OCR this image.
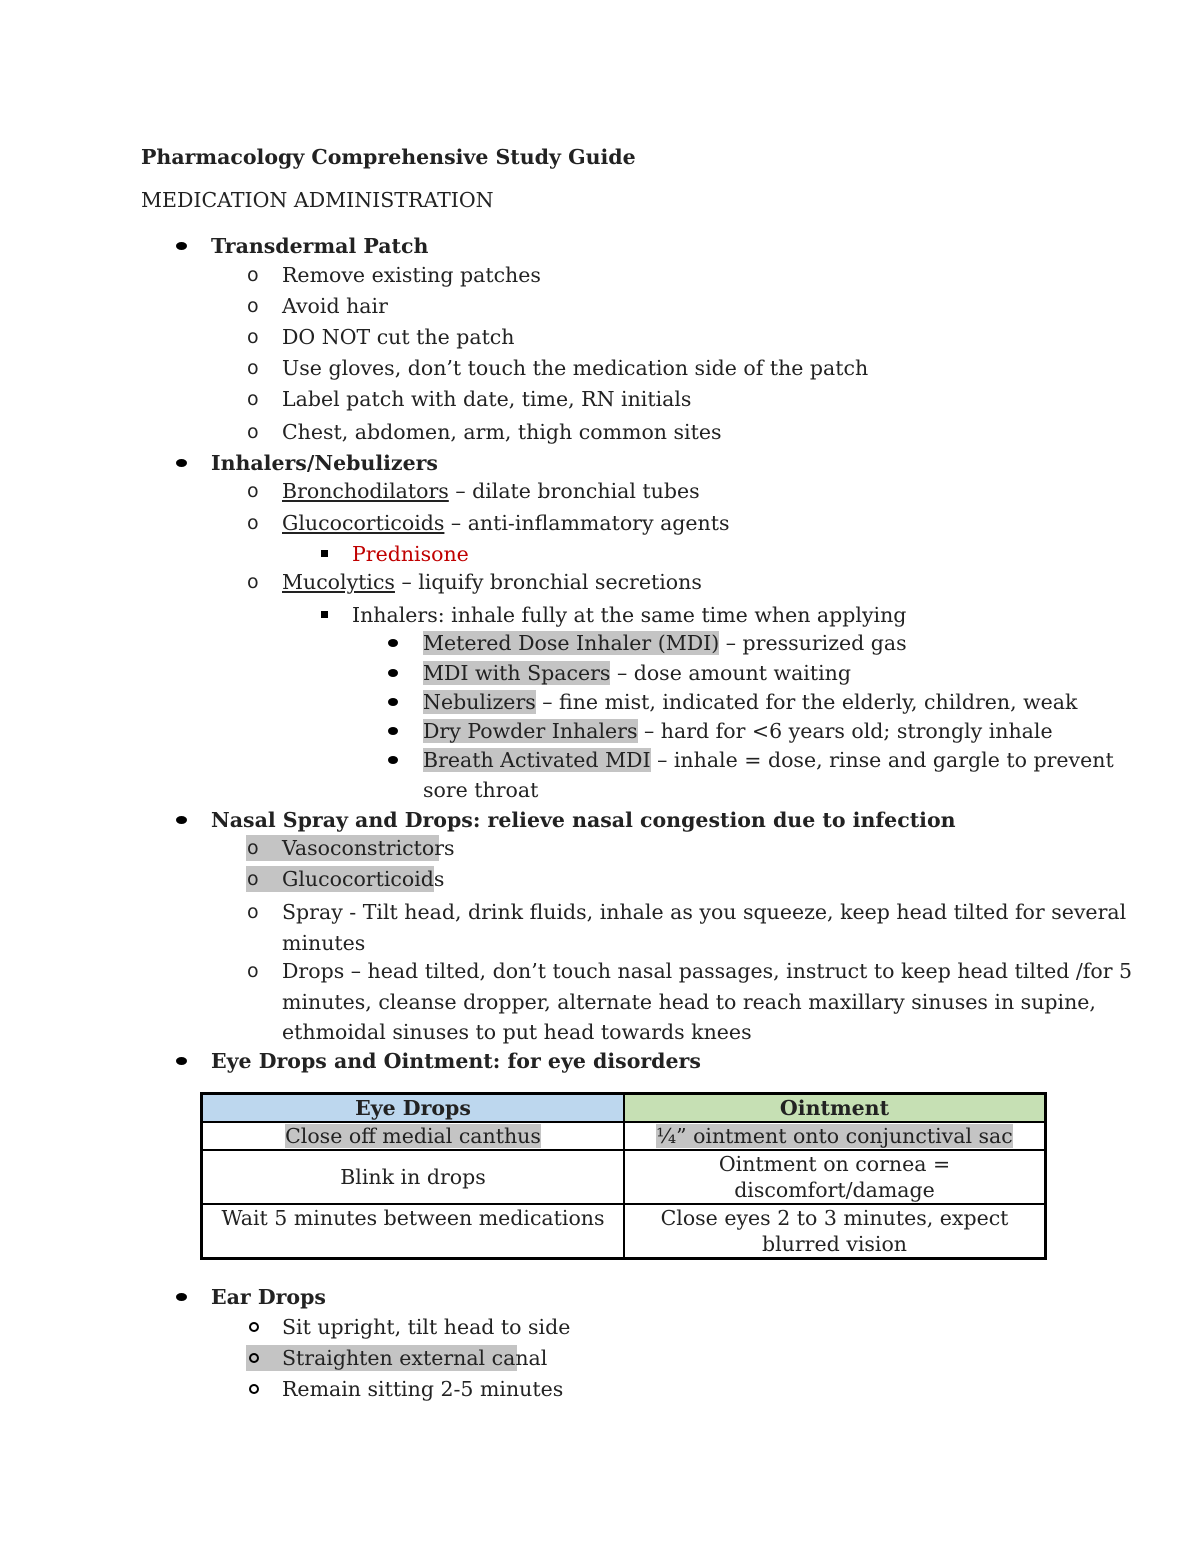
Pharmacology Comprehensive Study Guide
MEDICATION ADMINISTRATION
Transdermal Patch
o Remove existing patches
o Avoid hair
o DO NOT cut the patch
o Use gloves, don’t touch the medication side of the patch
o Label patch with date, time, RN initials
o Chest, abdomen, arm, thigh common sites
Inhalers/Nebulizers
o Bronchodilators – dilate bronchial tubes
o Glucocorticoids – anti-inflammatory agents
Prednisone
o Mucolytics – liquify bronchial secretions
Inhalers: inhale fully at the same time when applying
Metered Dose Inhaler (MDI) – pressurized gas
MDI with Spacers – dose amount waiting
Nebulizers – fine mist, indicated for the elderly, children, weak
Dry Powder Inhalers – hard for <6 years old; strongly inhale
Breath Activated MDI – inhale = dose, rinse and gargle to prevent
sore throat
Nasal Spray and Drops: relieve nasal congestion due to infection
o Vasoconstrictors
o Glucocorticoids
o Spray - Tilt head, drink fluids, inhale as you squeeze, keep head tilted for several
minutes
o Drops – head tilted, don’t touch nasal passages, instruct to keep head tilted /for 5
minutes, cleanse dropper, alternate head to reach maxillary sinuses in supine,
ethmoidal sinuses to put head towards knees
Eye Drops and Ointment: for eye disorders
Eye Drops	Ointment
Close off medial canthus	¼” ointment onto conjunctival sac
Blink in drops	Ointment on cornea = discomfort/damage
Wait 5 minutes between medications	Close eyes 2 to 3 minutes, expect blurred vision
Ear Drops
Sit upright, tilt head to side
Straighten external canal
Remain sitting 2-5 minutes
